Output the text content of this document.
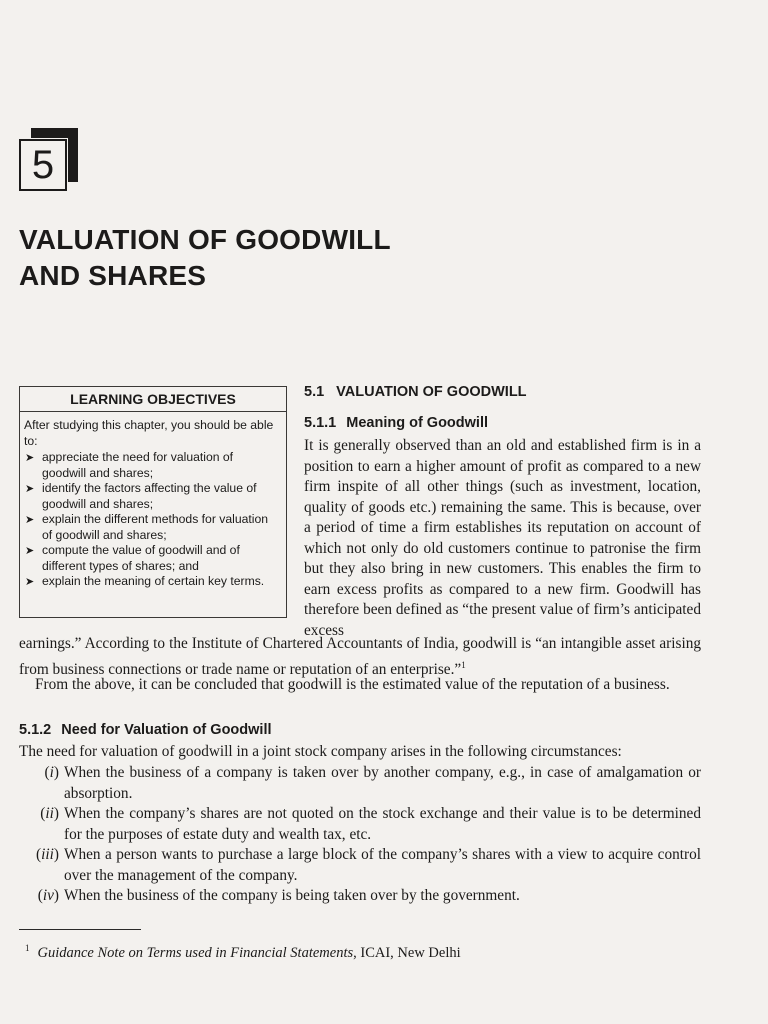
5
VALUATION OF GOODWILL
AND SHARES
LEARNING OBJECTIVES
After studying this chapter, you should be able to:
➤ appreciate the need for valuation of goodwill and shares;
➤ identify the factors affecting the value of goodwill and shares;
➤ explain the different methods for valuation of goodwill and shares;
➤ compute the value of goodwill and of different types of shares; and
➤ explain the meaning of certain key terms.
5.1 VALUATION OF GOODWILL
5.1.1 Meaning of Goodwill
It is generally observed than an old and established firm is in a position to earn a higher amount of profit as compared to a new firm inspite of all other things (such as investment, location, quality of goods etc.) remaining the same. This is because, over a period of time a firm establishes its reputation on account of which not only do old customers continue to patronise the firm but they also bring in new customers. This enables the firm to earn excess profits as compared to a new firm. Goodwill has therefore been defined as “the present value of firm’s anticipated excess
earnings.” According to the Institute of Chartered Accountants of India, goodwill is “an intangible asset arising from business connections or trade name or reputation of an enterprise.”$^1$
From the above, it can be concluded that goodwill is the estimated value of the reputation of a business.
5.1.2 Need for Valuation of Goodwill
The need for valuation of goodwill in a joint stock company arises in the following circumstances:
(i) When the business of a company is taken over by another company, e.g., in case of amalgamation or absorption.
(ii) When the company’s shares are not quoted on the stock exchange and their value is to be determined for the purposes of estate duty and wealth tax, etc.
(iii) When a person wants to purchase a large block of the company’s shares with a view to acquire control over the management of the company.
(iv) When the business of the company is being taken over by the government.
$^1$ Guidance Note on Terms used in Financial Statements, ICAI, New Delhi
